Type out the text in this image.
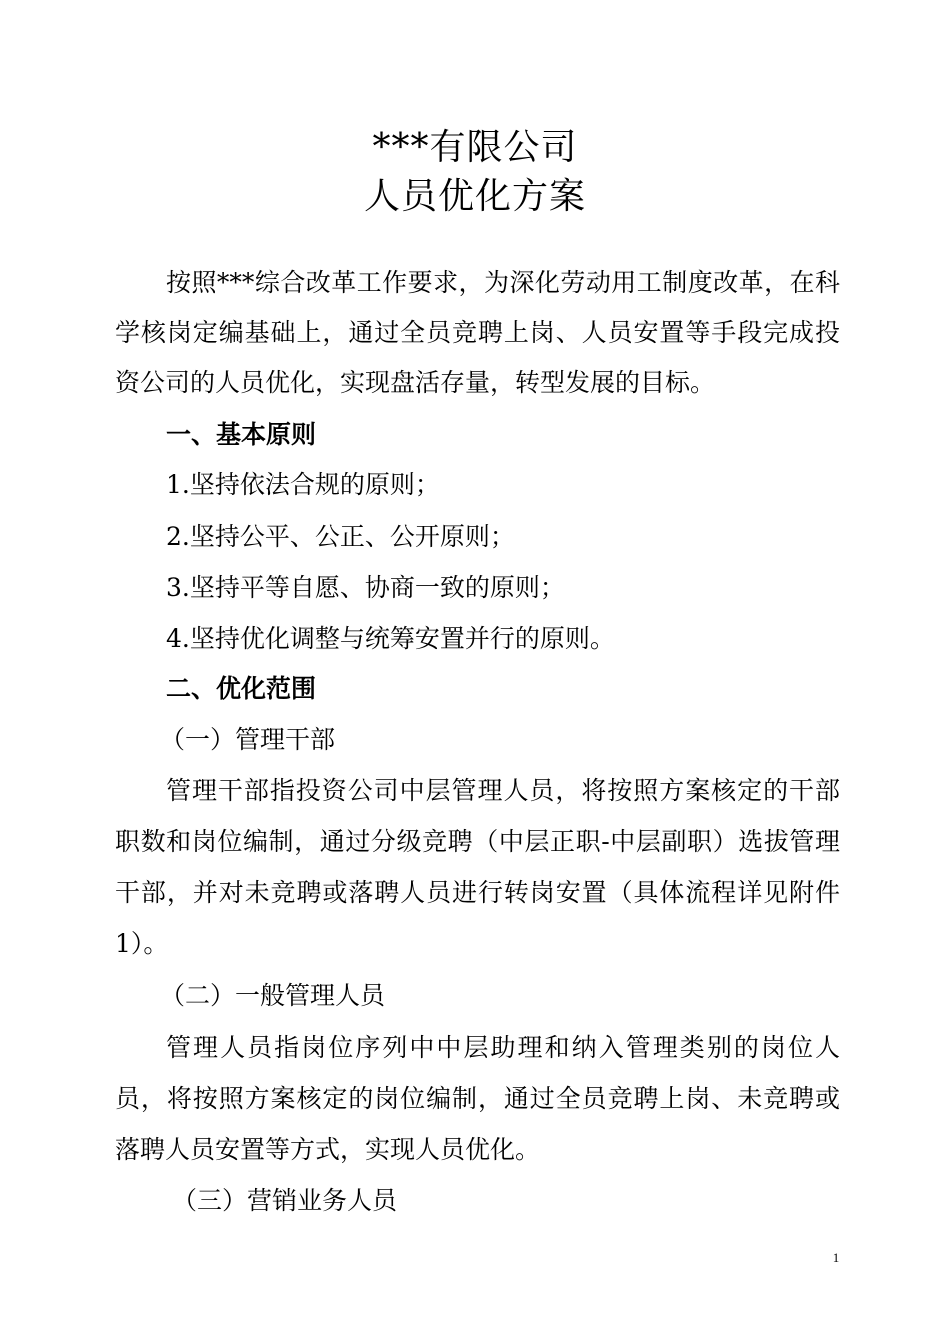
***有限公司
人员优化方案
按照***综合改革工作要求，为深化劳动用工制度改革，在科
学核岗定编基础上，通过全员竞聘上岗、人员安置等手段完成投
资公司的人员优化，实现盘活存量，转型发展的目标。
一、基本原则
1.坚持依法合规的原则；
2.坚持公平、公正、公开原则；
3.坚持平等自愿、协商一致的原则；
4.坚持优化调整与统筹安置并行的原则。
二、优化范围
（一）管理干部
管理干部指投资公司中层管理人员，将按照方案核定的干部
职数和岗位编制，通过分级竞聘（中层正职-中层副职）选拔管理
干部，并对未竞聘或落聘人员进行转岗安置（具体流程详见附件
1）。
（二）一般管理人员
管理人员指岗位序列中中层助理和纳入管理类别的岗位人
员，将按照方案核定的岗位编制，通过全员竞聘上岗、未竞聘或
落聘人员安置等方式，实现人员优化。
（三）营销业务人员
1
